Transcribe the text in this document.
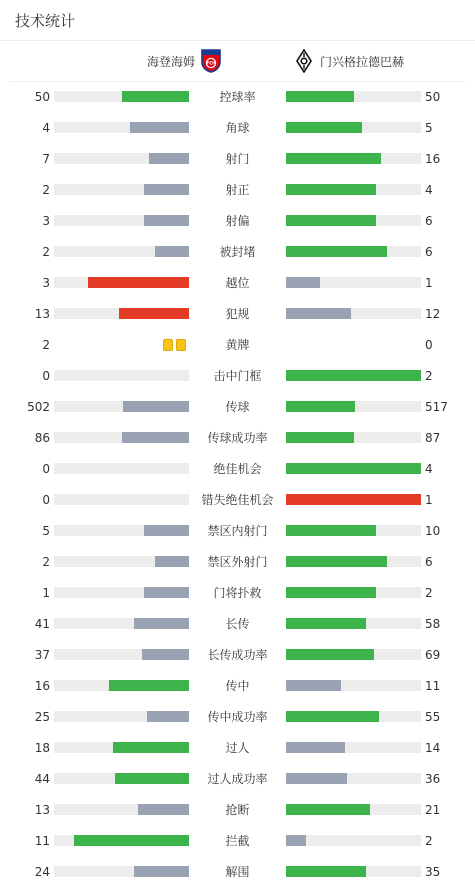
技术统计
海登海姆	FCH	门兴格拉德巴赫
50	控球率	50
4	角球	5
7	射门	16
2	射正	4
3	射偏	6
2	被封堵	6
3	越位	1
13	犯规	12
2	黄牌	0
0	击中门框	2
502	传球	517
86	传球成功率	87
0	绝佳机会	4
0	错失绝佳机会	1
5	禁区内射门	10
2	禁区外射门	6
1	门将扑救	2
41	长传	58
37	长传成功率	69
16	传中	11
25	传中成功率	55
18	过人	14
44	过人成功率	36
13	抢断	21
11	拦截	2
24	解围	35
